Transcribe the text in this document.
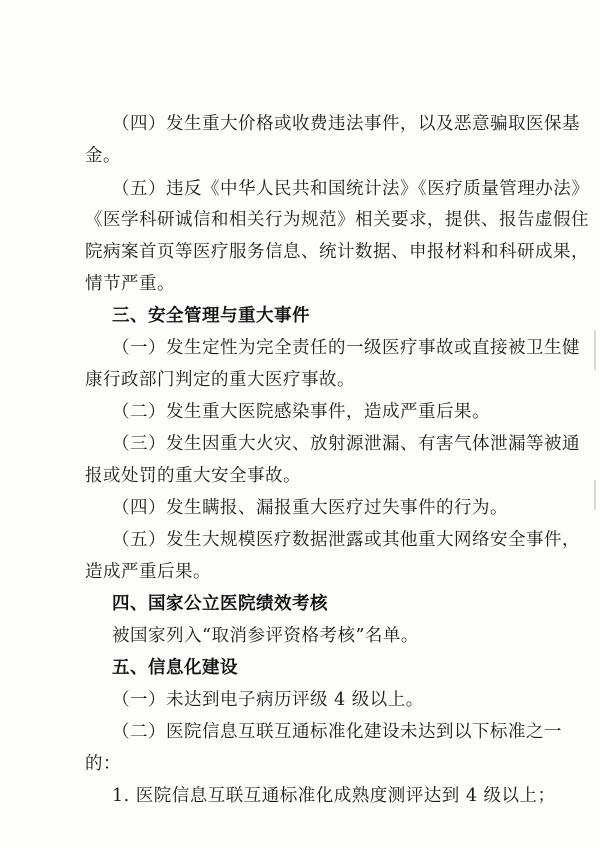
（四）发生重大价格或收费违法事件，以及恶意骗取医保基
金。
（五）违反《中华人民共和国统计法》《医疗质量管理办法》
《医学科研诚信和相关行为规范》相关要求，提供、报告虚假住
院病案首页等医疗服务信息、统计数据、申报材料和科研成果，
情节严重。
三、安全管理与重大事件
（一）发生定性为完全责任的一级医疗事故或直接被卫生健
康行政部门判定的重大医疗事故。
（二）发生重大医院感染事件，造成严重后果。
（三）发生因重大火灾、放射源泄漏、有害气体泄漏等被通
报或处罚的重大安全事故。
（四）发生瞒报、漏报重大医疗过失事件的行为。
（五）发生大规模医疗数据泄露或其他重大网络安全事件，
造成严重后果。
四、国家公立医院绩效考核
被国家列入“取消参评资格考核”名单。
五、信息化建设
（一）未达到电子病历评级 4 级以上。
（二）医院信息互联互通标准化建设未达到以下标准之一
的：
1. 医院信息互联互通标准化成熟度测评达到 4 级以上；
